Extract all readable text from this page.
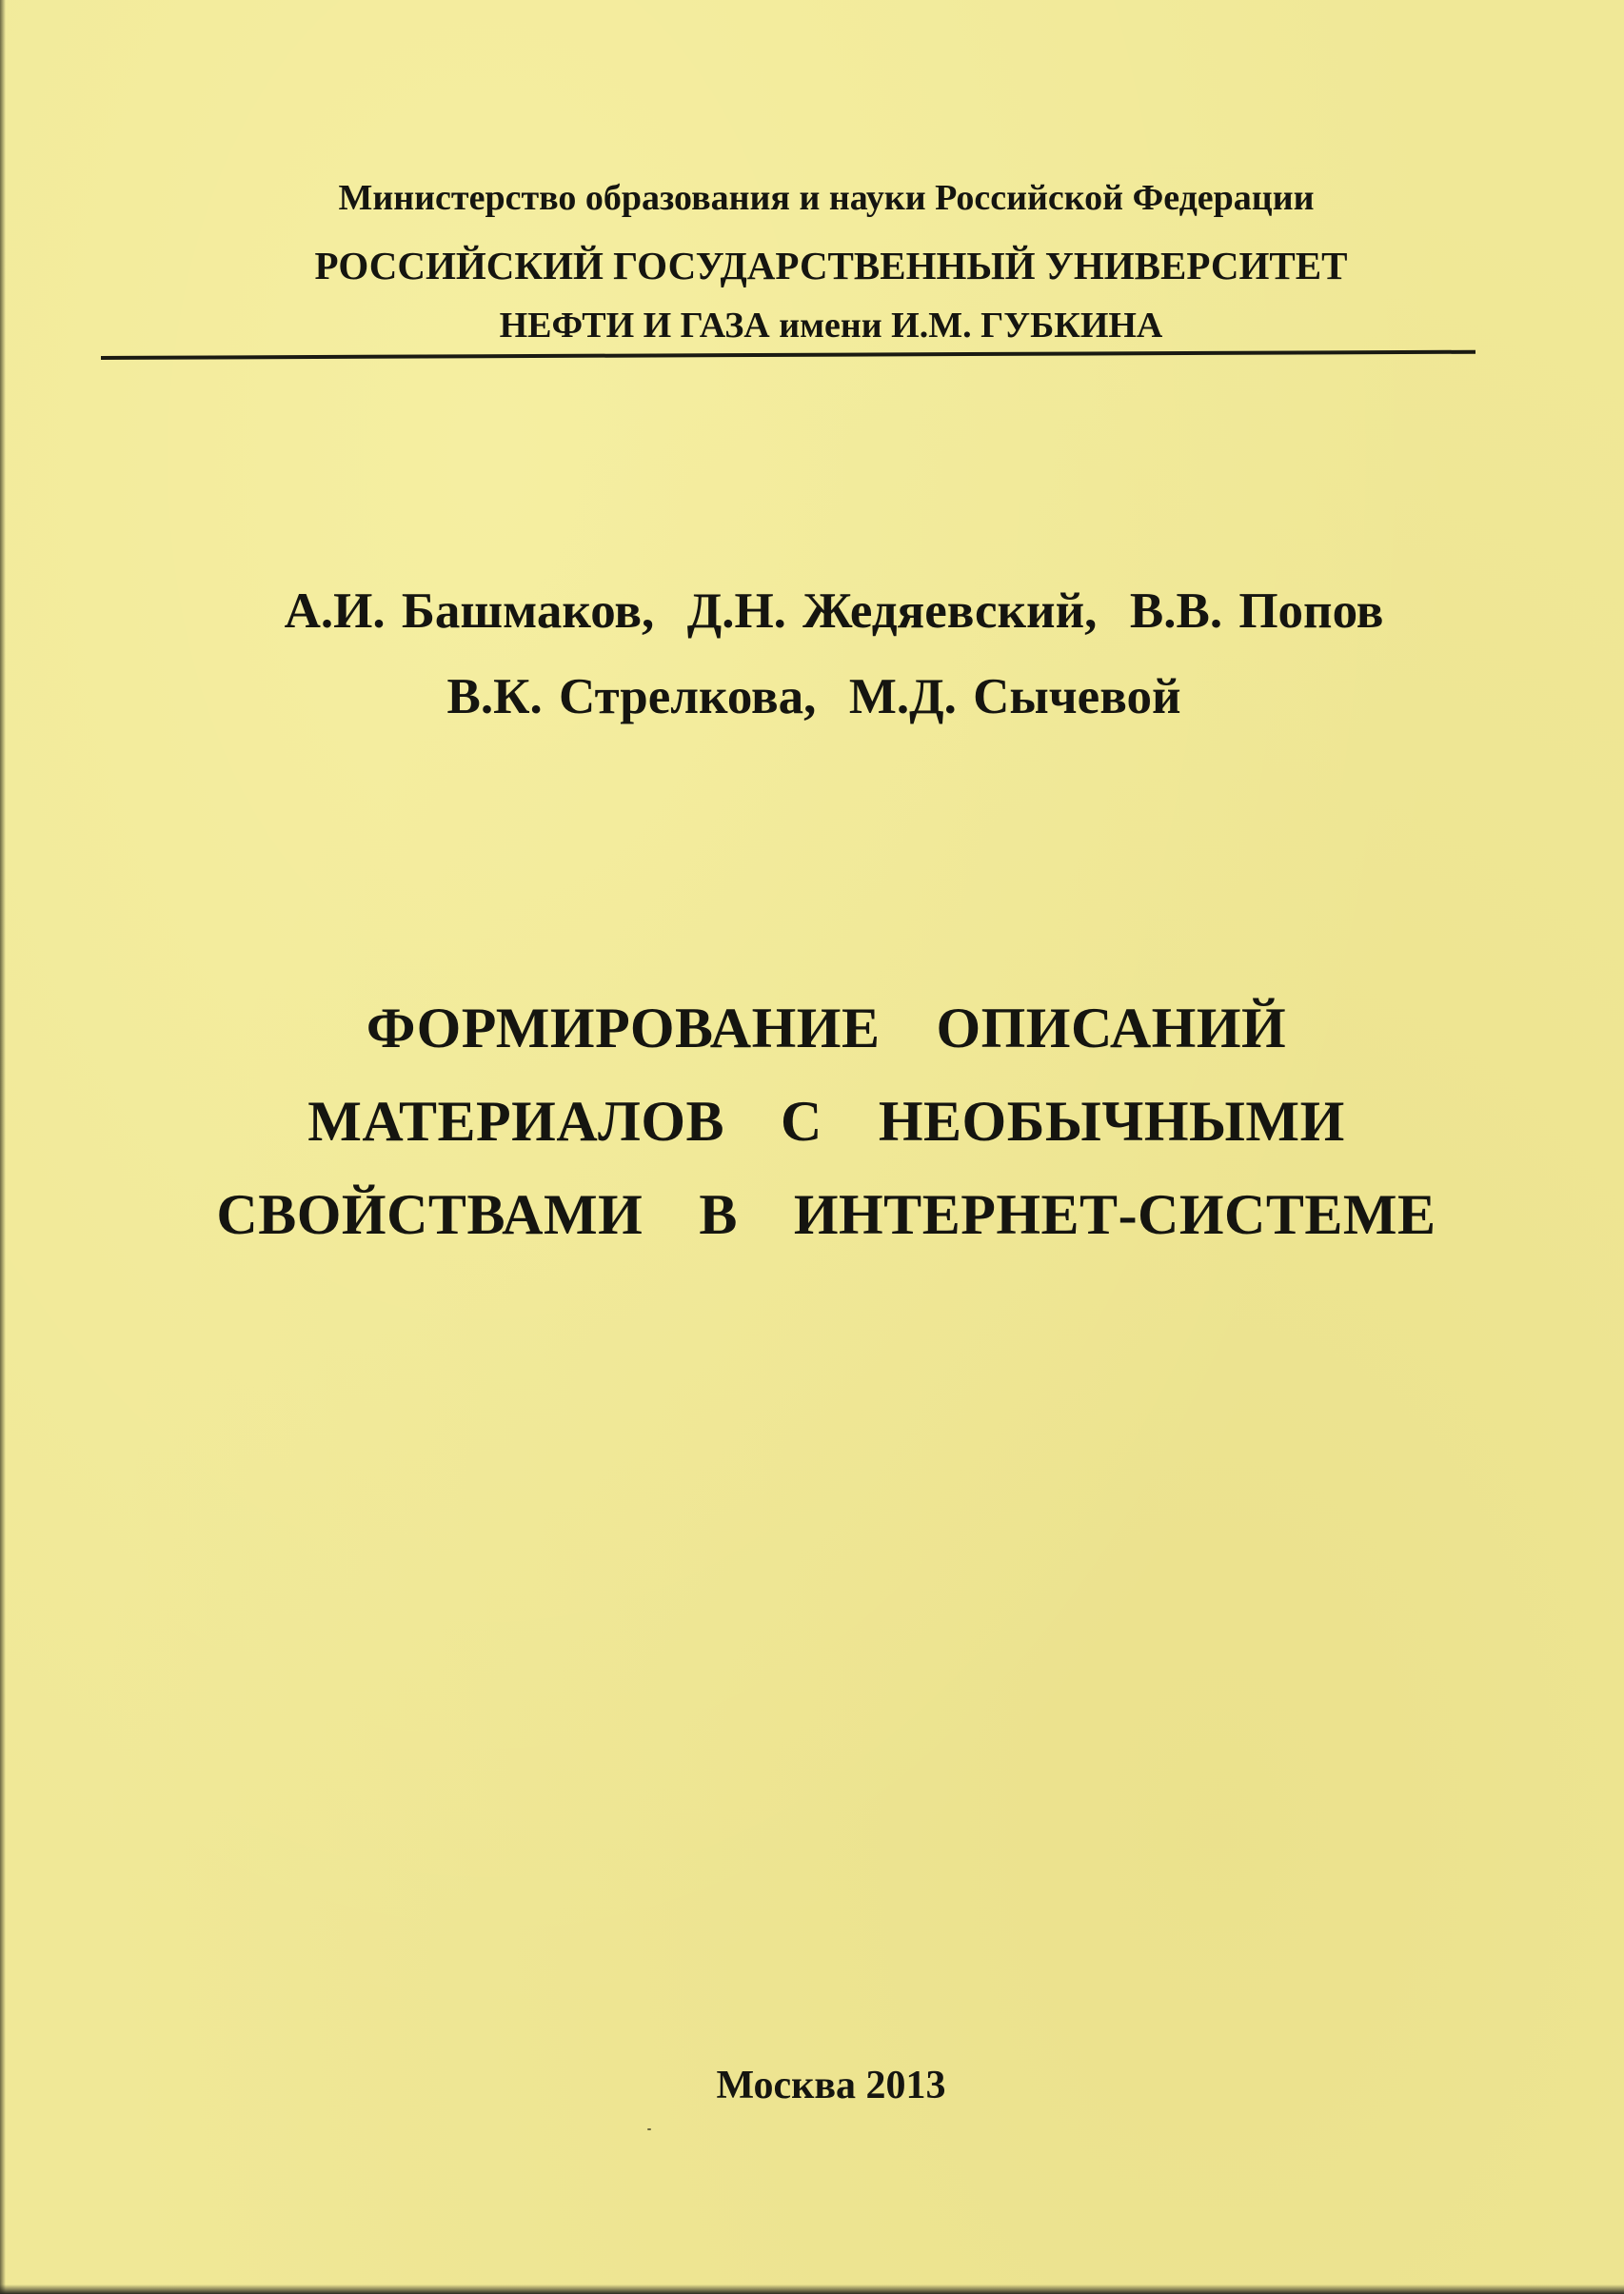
Министерство образования и науки Российской Федерации
РОССИЙСКИЙ ГОСУДАРСТВЕННЫЙ УНИВЕРСИТЕТ
НЕФТИ И ГАЗА имени И.М. ГУБКИНА
А.И. Башмаков,  Д.Н. Жедяевский,  В.В. Попов
В.К. Стрелкова,  М.Д. Сычевой
ФОРМИРОВАНИЕ  ОПИСАНИЙ
МАТЕРИАЛОВ  С  НЕОБЫЧНЫМИ
СВОЙСТВАМИ  В  ИНТЕРНЕТ-СИСТЕМЕ
Москва 2013
